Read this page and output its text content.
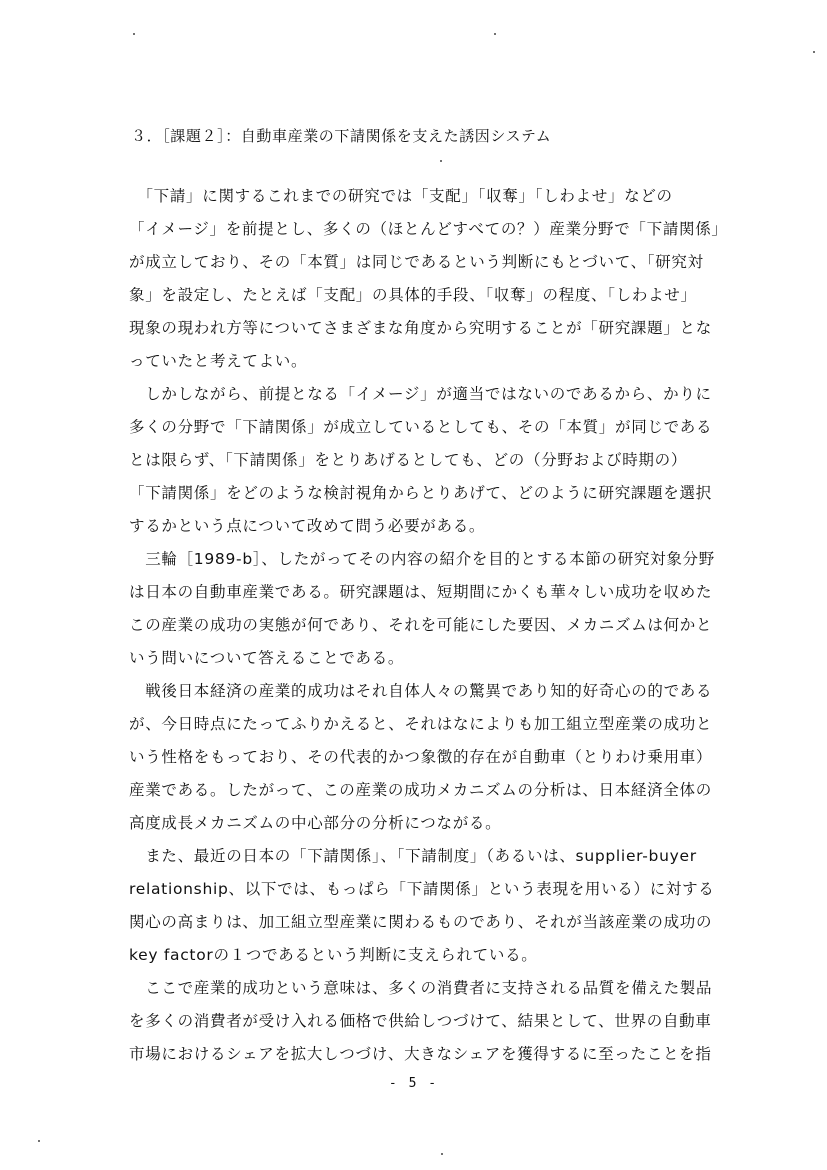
３．［課題２］：自動車産業の下請関係を支えた誘因システム
　「下請」に関するこれまでの研究では「支配」「収奪」「しわよせ」などの
「イメージ」を前提とし、多くの（ほとんどすべての？）産業分野で「下請関係」
が成立しており、その「本質」は同じであるという判断にもとづいて、「研究対
象」を設定し、たとえば「支配」の具体的手段、「収奪」の程度、「しわよせ」
現象の現われ方等についてさまざまな角度から究明することが「研究課題」とな
っていたと考えてよい。
　しかしながら、前提となる「イメージ」が適当ではないのであるから、かりに
多くの分野で「下請関係」が成立しているとしても、その「本質」が同じである
とは限らず、「下請関係」をとりあげるとしても、どの（分野および時期の）
「下請関係」をどのような検討視角からとりあげて、どのように研究課題を選択
するかという点について改めて問う必要がある。
　三輪［1989-b］、したがってその内容の紹介を目的とする本節の研究対象分野
は日本の自動車産業である。研究課題は、短期間にかくも華々しい成功を収めた
この産業の成功の実態が何であり、それを可能にした要因、メカニズムは何かと
いう問いについて答えることである。
　戦後日本経済の産業的成功はそれ自体人々の驚異であり知的好奇心の的である
が、今日時点にたってふりかえると、それはなによりも加工組立型産業の成功と
いう性格をもっており、その代表的かつ象徴的存在が自動車（とりわけ乗用車）
産業である。したがって、この産業の成功メカニズムの分析は、日本経済全体の
高度成長メカニズムの中心部分の分析につながる。
　また、最近の日本の「下請関係」、「下請制度」（あるいは、supplier-buyer
relationship、以下では、もっぱら「下請関係」という表現を用いる）に対する
関心の高まりは、加工組立型産業に関わるものであり、それが当該産業の成功の
key factorの１つであるという判断に支えられている。
　ここで産業的成功という意味は、多くの消費者に支持される品質を備えた製品
を多くの消費者が受け入れる価格で供給しつづけて、結果として、世界の自動車
市場におけるシェアを拡大しつづけ、大きなシェアを獲得するに至ったことを指
- 5 -
